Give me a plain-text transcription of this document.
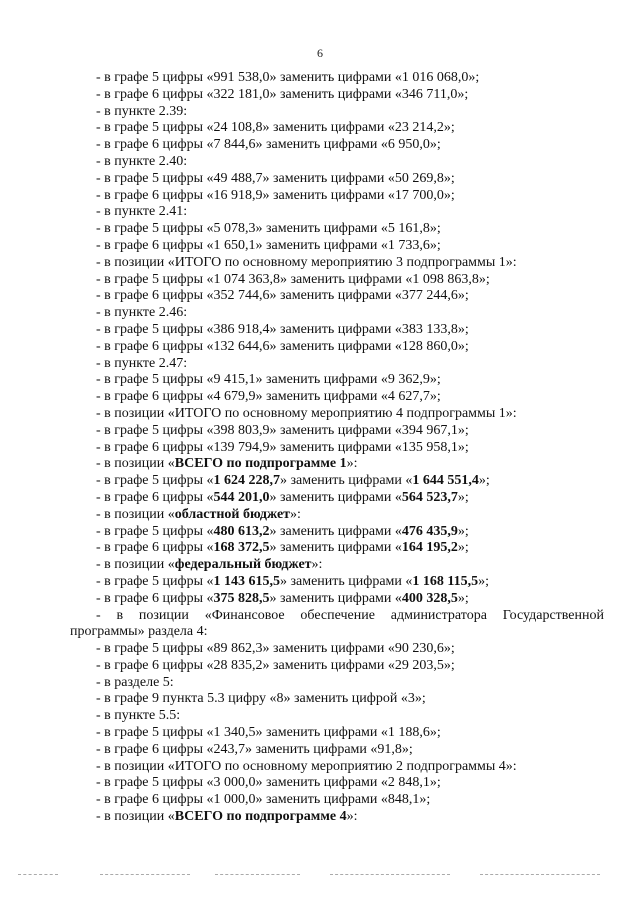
6
- в графе 5 цифры «991 538,0» заменить цифрами «1 016 068,0»;
- в графе 6 цифры «322 181,0» заменить цифрами «346 711,0»;
- в пункте 2.39:
- в графе 5 цифры «24 108,8» заменить цифрами «23 214,2»;
- в графе 6 цифры «7 844,6» заменить цифрами «6 950,0»;
- в пункте 2.40:
- в графе 5 цифры «49 488,7» заменить цифрами «50 269,8»;
- в графе 6 цифры «16 918,9» заменить цифрами «17 700,0»;
- в пункте 2.41:
- в графе 5 цифры «5 078,3» заменить цифрами «5 161,8»;
- в графе 6 цифры «1 650,1» заменить цифрами «1 733,6»;
- в позиции «ИТОГО по основному мероприятию 3 подпрограммы 1»:
- в графе 5 цифры «1 074 363,8» заменить цифрами «1 098 863,8»;
- в графе 6 цифры «352 744,6» заменить цифрами «377 244,6»;
- в пункте 2.46:
- в графе 5 цифры «386 918,4» заменить цифрами «383 133,8»;
- в графе 6 цифры «132 644,6» заменить цифрами «128 860,0»;
- в пункте 2.47:
- в графе 5 цифры «9 415,1» заменить цифрами «9 362,9»;
- в графе 6 цифры «4 679,9» заменить цифрами «4 627,7»;
- в позиции «ИТОГО по основному мероприятию 4 подпрограммы 1»:
- в графе 5 цифры «398 803,9» заменить цифрами «394 967,1»;
- в графе 6 цифры «139 794,9» заменить цифрами «135 958,1»;
- в позиции «ВСЕГО по подпрограмме 1»:
- в графе 5 цифры «1 624 228,7» заменить цифрами «1 644 551,4»;
- в графе 6 цифры «544 201,0» заменить цифрами «564 523,7»;
- в позиции «областной бюджет»:
- в графе 5 цифры «480 613,2» заменить цифрами «476 435,9»;
- в графе 6 цифры «168 372,5» заменить цифрами «164 195,2»;
- в позиции «федеральный бюджет»:
- в графе 5 цифры «1 143 615,5» заменить цифрами «1 168 115,5»;
- в графе 6 цифры «375 828,5» заменить цифрами «400 328,5»;
- в позиции «Финансовое обеспечение администратора Государственной
программы» раздела 4:
- в графе 5 цифры «89 862,3» заменить цифрами «90 230,6»;
- в графе 6 цифры «28 835,2» заменить цифрами «29 203,5»;
- в разделе 5:
- в графе 9 пункта 5.3 цифру «8» заменить цифрой «3»;
- в пункте 5.5:
- в графе 5 цифры «1 340,5» заменить цифрами «1 188,6»;
- в графе 6 цифры «243,7» заменить цифрами «91,8»;
- в позиции «ИТОГО по основному мероприятию 2 подпрограммы 4»:
- в графе 5 цифры «3 000,0» заменить цифрами «2 848,1»;
- в графе 6 цифры «1 000,0» заменить цифрами «848,1»;
- в позиции «ВСЕГО по подпрограмме 4»:
